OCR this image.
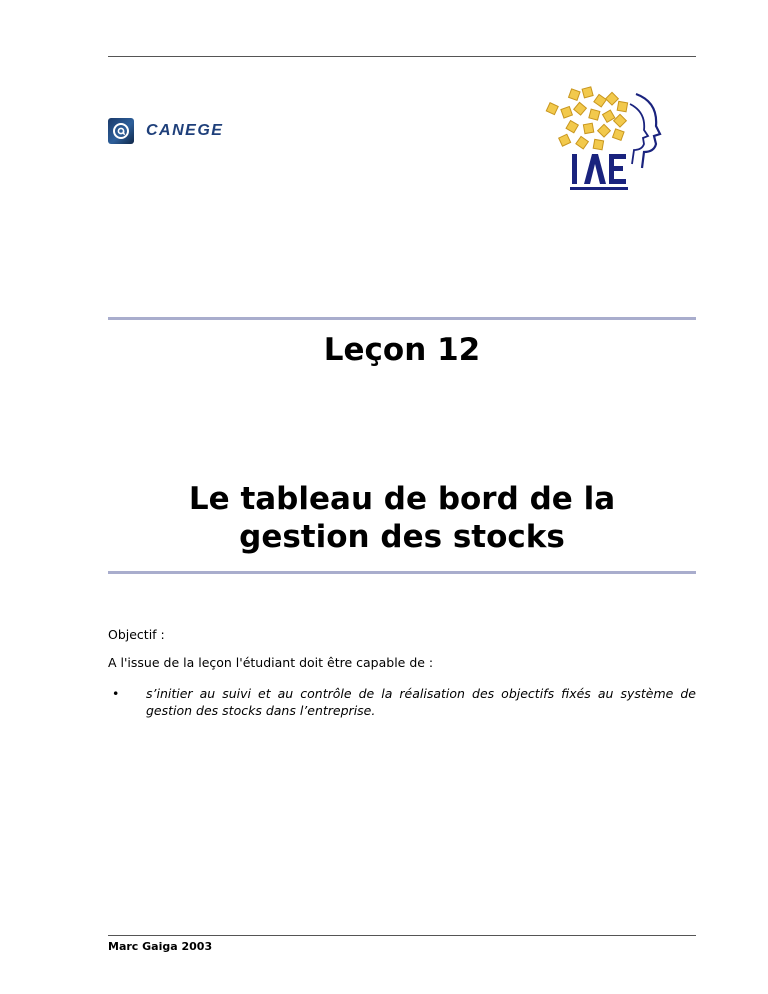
CANEGE
IAE
Leçon 12
Le tableau de bord de la
gestion des stocks

Objectif :

A l'issue de la leçon l'étudiant doit être capable de :

• s’initier au suivi et au contrôle de la réalisation des objectifs fixés au système de gestion des stocks dans l’entreprise.

Marc Gaiga 2003
